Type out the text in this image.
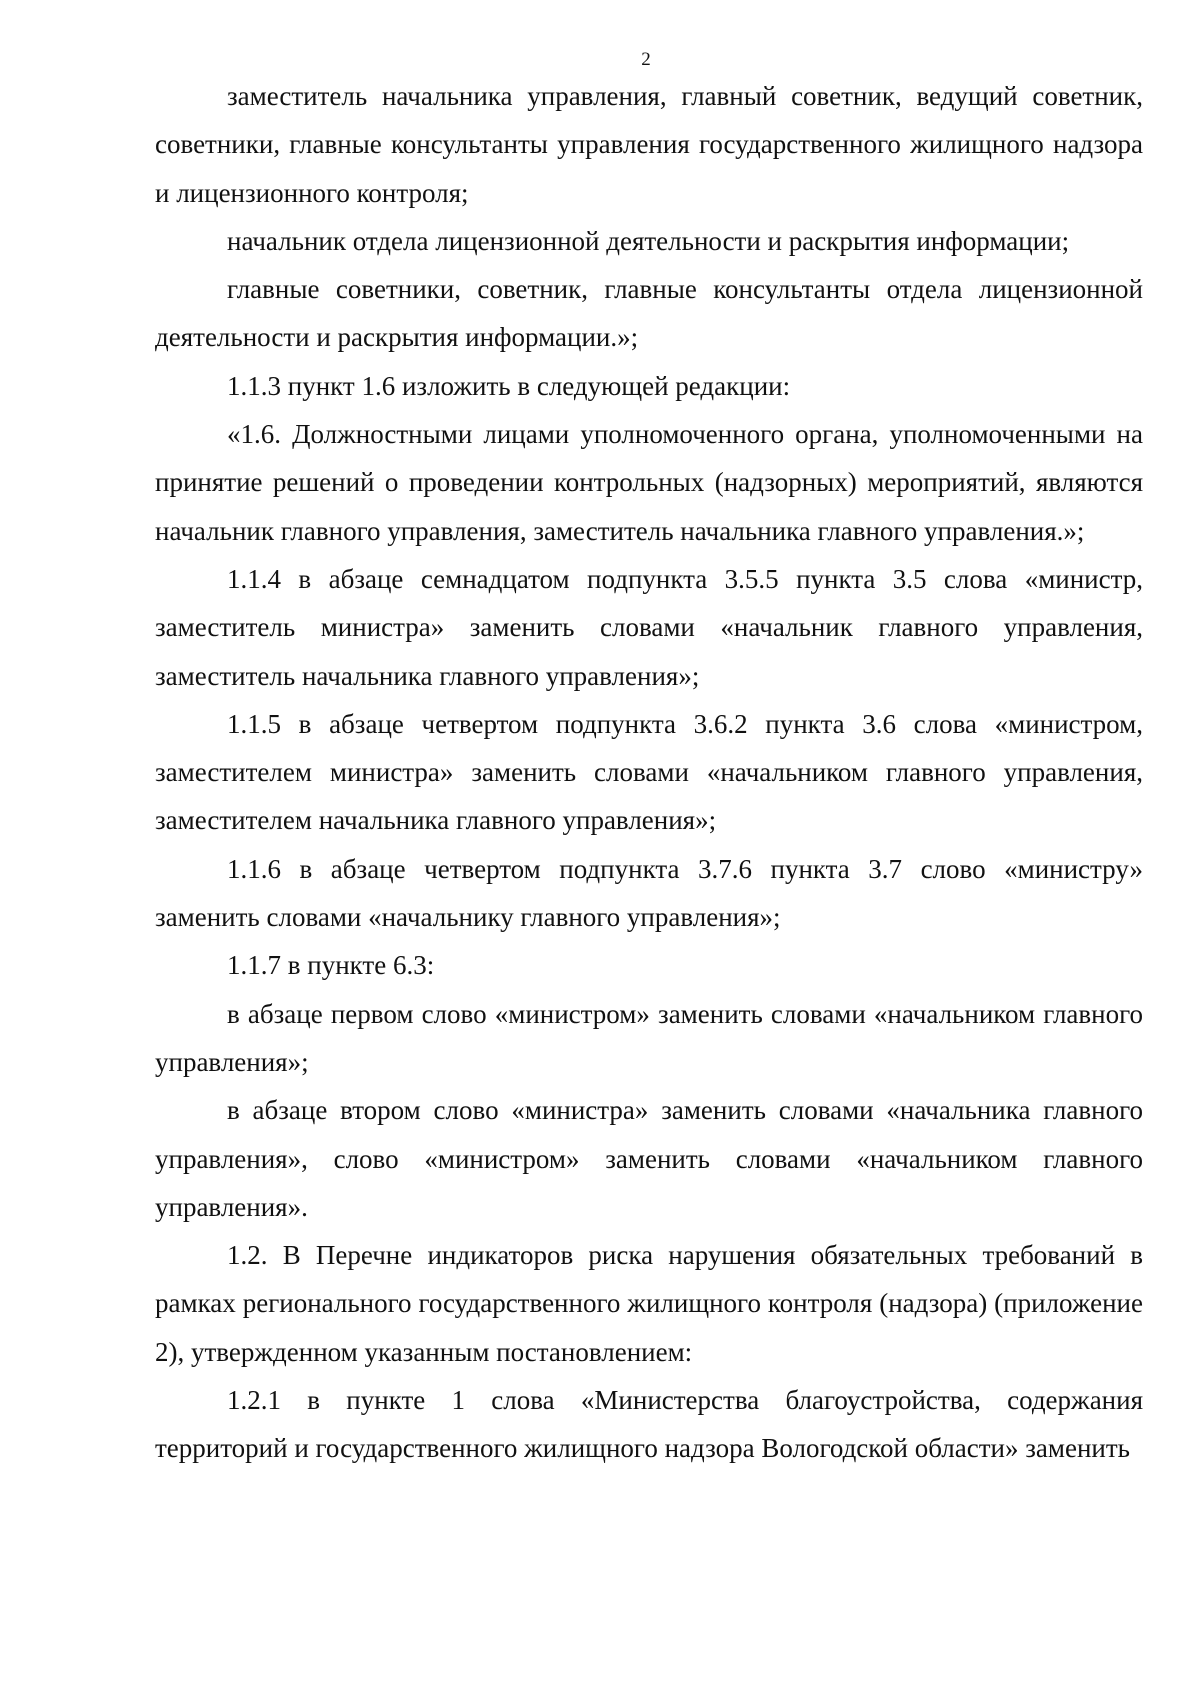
2

заместитель начальника управления, главный советник, ведущий советник, советники, главные консультанты управления государственного жилищного надзора и лицензионного контроля;

начальник отдела лицензионной деятельности и раскрытия информации;

главные советники, советник, главные консультанты отдела лицензионной деятельности и раскрытия информации.»;

1.1.3 пункт 1.6 изложить в следующей редакции:

«1.6. Должностными лицами уполномоченного органа, уполномоченными на принятие решений о проведении контрольных (надзорных) мероприятий, являются начальник главного управления, заместитель начальника главного управления.»;

1.1.4 в абзаце семнадцатом подпункта 3.5.5 пункта 3.5 слова «министр, заместитель министра» заменить словами «начальник главного управления, заместитель начальника главного управления»;

1.1.5 в абзаце четвертом подпункта 3.6.2 пункта 3.6 слова «министром, заместителем министра» заменить словами «начальником главного управления, заместителем начальника главного управления»;

1.1.6 в абзаце четвертом подпункта 3.7.6 пункта 3.7 слово «министру» заменить словами «начальнику главного управления»;

1.1.7 в пункте 6.3:

в абзаце первом слово «министром» заменить словами «начальником главного управления»;

в абзаце втором слово «министра» заменить словами «начальника главного управления», слово «министром» заменить словами «начальником главного управления».

1.2. В Перечне индикаторов риска нарушения обязательных требований в рамках регионального государственного жилищного контроля (надзора) (приложение 2), утвержденном указанным постановлением:

1.2.1 в пункте 1 слова «Министерства благоустройства, содержания территорий и государственного жилищного надзора Вологодской области» заменить
